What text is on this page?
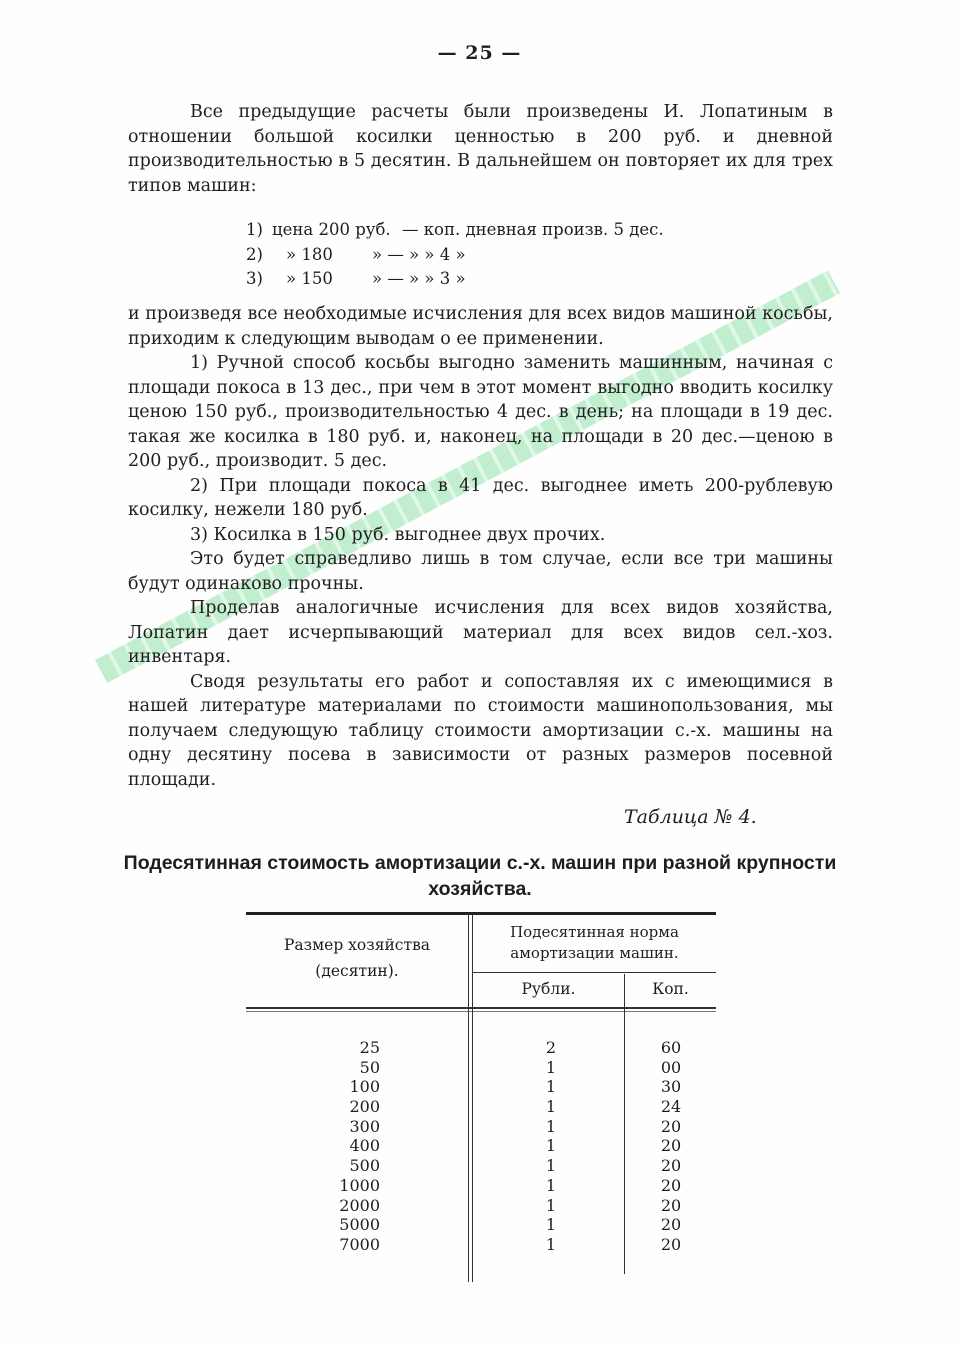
— 25 —

Все предыдущие расчеты были произведены И. Лопатиным в отношении большой косилки ценностью в 200 руб. и дневной производительностью в 5 десятин. В дальнейшем он повторяет их для трех типов машин:

1) цена 200 руб. — коп. дневная произв. 5 дес.
2) » 180 » — » » 4 »
3) » 150 » — » » 3 »

и произведя все необходимые исчисления для всех видов машиной косьбы, приходим к следующим выводам о ее применении.

1) Ручной способ косьбы выгодно заменить машинным, начиная с площади покоса в 13 дес., при чем в этот момент выгодно вводить косилку ценою 150 руб., производительностью 4 дес. в день; на площади в 19 дес. такая же косилка в 180 руб. и, наконец, на площади в 20 дес.—ценою в 200 руб., производит. 5 дес.

2) При площади покоса в 41 дес. выгоднее иметь 200-рублевую косилку, нежели 180 руб.

3) Косилка в 150 руб. выгоднее двух прочих.

Это будет справедливо лишь в том случае, если все три машины будут одинаково прочны.

Проделав аналогичные исчисления для всех видов хозяйства, Лопатин дает исчерпывающий материал для всех видов сел.-хоз. инвентаря.

Сводя результаты его работ и сопоставляя их с имеющимися в нашей литературе материалами по стоимости машинопользования, мы получаем следующую таблицу стоимости амортизации с.-х. машины на одну десятину посева в зависимости от разных размеров посевной площади.

Таблица № 4.
Подесятинная стоимость амортизации с.-х. машин при разной крупности хозяйства.
Размер хозяйства (десятин).
Подесятинная норма амортизации машин.
Рубли.	Коп.
25	2	60
50	1	00
100	1	30
200	1	24
300	1	20
400	1	20
500	1	20
1000	1	20
2000	1	20
5000	1	20
7000	1	20
